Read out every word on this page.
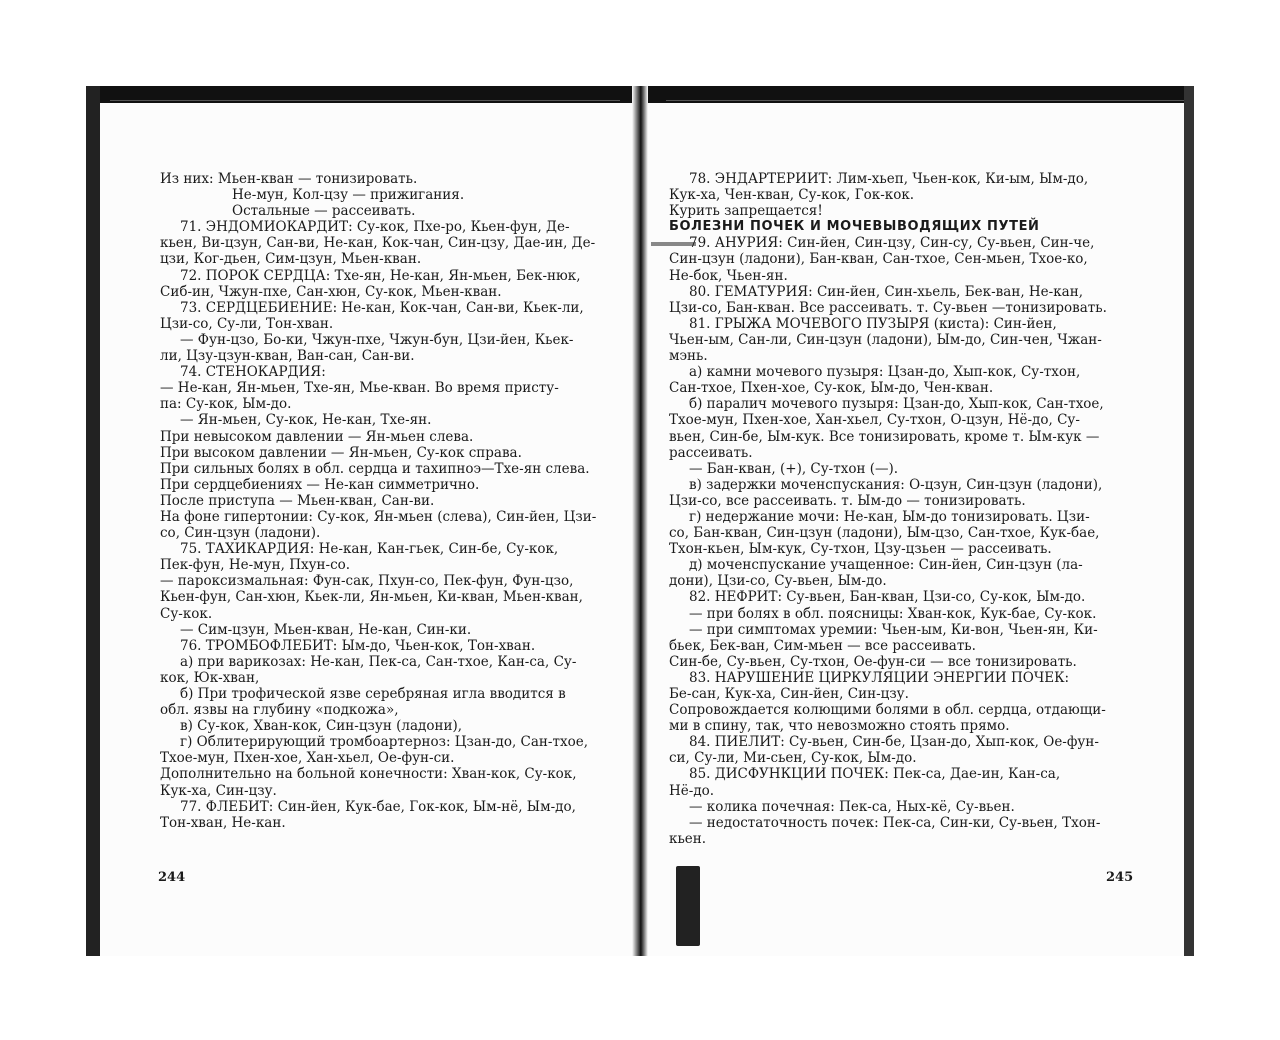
Из них: Мьен-кван — тонизировать.
Не-мун, Кол-цзу — прижигания.
Остальные — рассеивать.
71. ЭНДОМИОКАРДИТ: Су-кок, Пхе-ро, Кьен-фун, Де-
кьен, Ви-цзун, Сан-ви, Не-кан, Кок-чан, Син-цзу, Дае-ин, Де-
цзи, Ког-дьен, Сим-цзун, Мьен-кван.
72. ПОРОК СЕРДЦА: Тхе-ян, Не-кан, Ян-мьен, Бек-нюк,
Сиб-ин, Чжун-пхе, Сан-хюн, Су-кок, Мьен-кван.
73. СЕРДЦЕБИЕНИЕ: Не-кан, Кок-чан, Сан-ви, Кьек-ли,
Цзи-со, Су-ли, Тон-хван.
— Фун-цзо, Бо-ки, Чжун-пхе, Чжун-бун, Цзи-йен, Кьек-
ли, Цзу-цзун-кван, Ван-сан, Сан-ви.
74. СТЕНОКАРДИЯ:
— Не-кан, Ян-мьен, Тхе-ян, Мье-кван. Во время присту-
па: Су-кок, Ым-до.
— Ян-мьен, Су-кок, Не-кан, Тхе-ян.
При невысоком давлении — Ян-мьен слева.
При высоком давлении — Ян-мьен, Су-кок справа.
При сильных болях в обл. сердца и тахипноэ—Тхе-ян слева.
При сердцебиениях — Не-кан симметрично.
После приступа — Мьен-кван, Сан-ви.
На фоне гипертонии: Су-кок, Ян-мьен (слева), Син-йен, Цзи-
со, Син-цзун (ладони).
75. ТАХИКАРДИЯ: Не-кан, Кан-гьек, Син-бе, Су-кок,
Пек-фун, Не-мун, Пхун-со.
— пароксизмальная: Фун-сак, Пхун-со, Пек-фун, Фун-цзо,
Кьен-фун, Сан-хюн, Кьек-ли, Ян-мьен, Ки-кван, Мьен-кван,
Су-кок.
— Сим-цзун, Мьен-кван, Не-кан, Син-ки.
76. ТРОМБОФЛЕБИТ: Ым-до, Чьен-кок, Тон-хван.
а) при варикозах: Не-кан, Пек-са, Сан-тхое, Кан-са, Су-
кок, Юк-хван,
б) При трофической язве серебряная игла вводится в
обл. язвы на глубину «подкожа»,
в) Су-кок, Хван-кок, Син-цзун (ладони),
г) Облитерирующий тромбоартерноз: Цзан-до, Сан-тхое,
Тхое-мун, Пхен-хое, Хан-хьел, Ое-фун-си.
Дополнительно на больной конечности: Хван-кок, Су-кок,
Кук-ха, Син-цзу.
77. ФЛЕБИТ: Син-йен, Кук-бае, Гок-кок, Ым-нё, Ым-до,
Тон-хван, Не-кан.
78. ЭНДАРТЕРИИТ: Лим-хьеп, Чьен-кок, Ки-ым, Ым-до,
Кук-ха, Чен-кван, Су-кок, Гок-кок.
Курить запрещается!
БОЛЕЗНИ ПОЧЕК И МОЧЕВЫВОДЯЩИХ ПУТЕЙ
79. АНУРИЯ: Син-йен, Син-цзу, Син-су, Су-вьен, Син-че,
Син-цзун (ладони), Бан-кван, Сан-тхое, Сен-мьен, Тхое-ко,
Не-бок, Чьен-ян.
80. ГЕМАТУРИЯ: Син-йен, Син-хьель, Бек-ван, Не-кан,
Цзи-со, Бан-кван. Все рассеивать. т. Су-вьен —тонизировать.
81. ГРЫЖА МОЧЕВОГО ПУЗЫРЯ (киста): Син-йен,
Чьен-ым, Сан-ли, Син-цзун (ладони), Ым-до, Син-чен, Чжан-
мэнь.
а) камни мочевого пузыря: Цзан-до, Хып-кок, Су-тхон,
Сан-тхое, Пхен-хое, Су-кок, Ым-до, Чен-кван.
б) паралич мочевого пузыря: Цзан-до, Хып-кок, Сан-тхое,
Тхое-мун, Пхен-хое, Хан-хьел, Су-тхон, О-цзун, Нё-до, Су-
вьен, Син-бе, Ым-кук. Все тонизировать, кроме т. Ым-кук —
рассеивать.
— Бан-кван, (+), Су-тхон (—).
в) задержки моченспускания: О-цзун, Син-цзун (ладони),
Цзи-со, все рассеивать. т. Ым-до — тонизировать.
г) недержание мочи: Не-кан, Ым-до тонизировать. Цзи-
со, Бан-кван, Син-цзун (ладони), Ым-цзо, Сан-тхое, Кук-бае,
Тхон-кьен, Ым-кук, Су-тхон, Цзу-цзьен — рассеивать.
д) моченспускание учащенное: Син-йен, Син-цзун (ла-
дони), Цзи-со, Су-вьен, Ым-до.
82. НЕФРИТ: Су-вьен, Бан-кван, Цзи-со, Су-кок, Ым-до.
— при болях в обл. поясницы: Хван-кок, Кук-бае, Су-кок.
— при симптомах уремии: Чьен-ым, Ки-вон, Чьен-ян, Ки-
бьек, Бек-ван, Сим-мьен — все рассеивать.
Син-бе, Су-вьен, Су-тхон, Ое-фун-си — все тонизировать.
83. НАРУШЕНИЕ ЦИРКУЛЯЦИИ ЭНЕРГИИ ПОЧЕК:
Бе-сан, Кук-ха, Син-йен, Син-цзу.
Сопровождается колющими болями в обл. сердца, отдающи-
ми в спину, так, что невозможно стоять прямо.
84. ПИЕЛИТ: Су-вьен, Син-бе, Цзан-до, Хып-кок, Ое-фун-
си, Су-ли, Ми-сьен, Су-кок, Ым-до.
85. ДИСФУНКЦИИ ПОЧЕК: Пек-са, Дае-ин, Кан-са,
Нё-до.
— колика почечная: Пек-са, Ных-кё, Су-вьен.
— недостаточность почек: Пек-са, Син-ки, Су-вьен, Тхон-
кьен.
244	245
